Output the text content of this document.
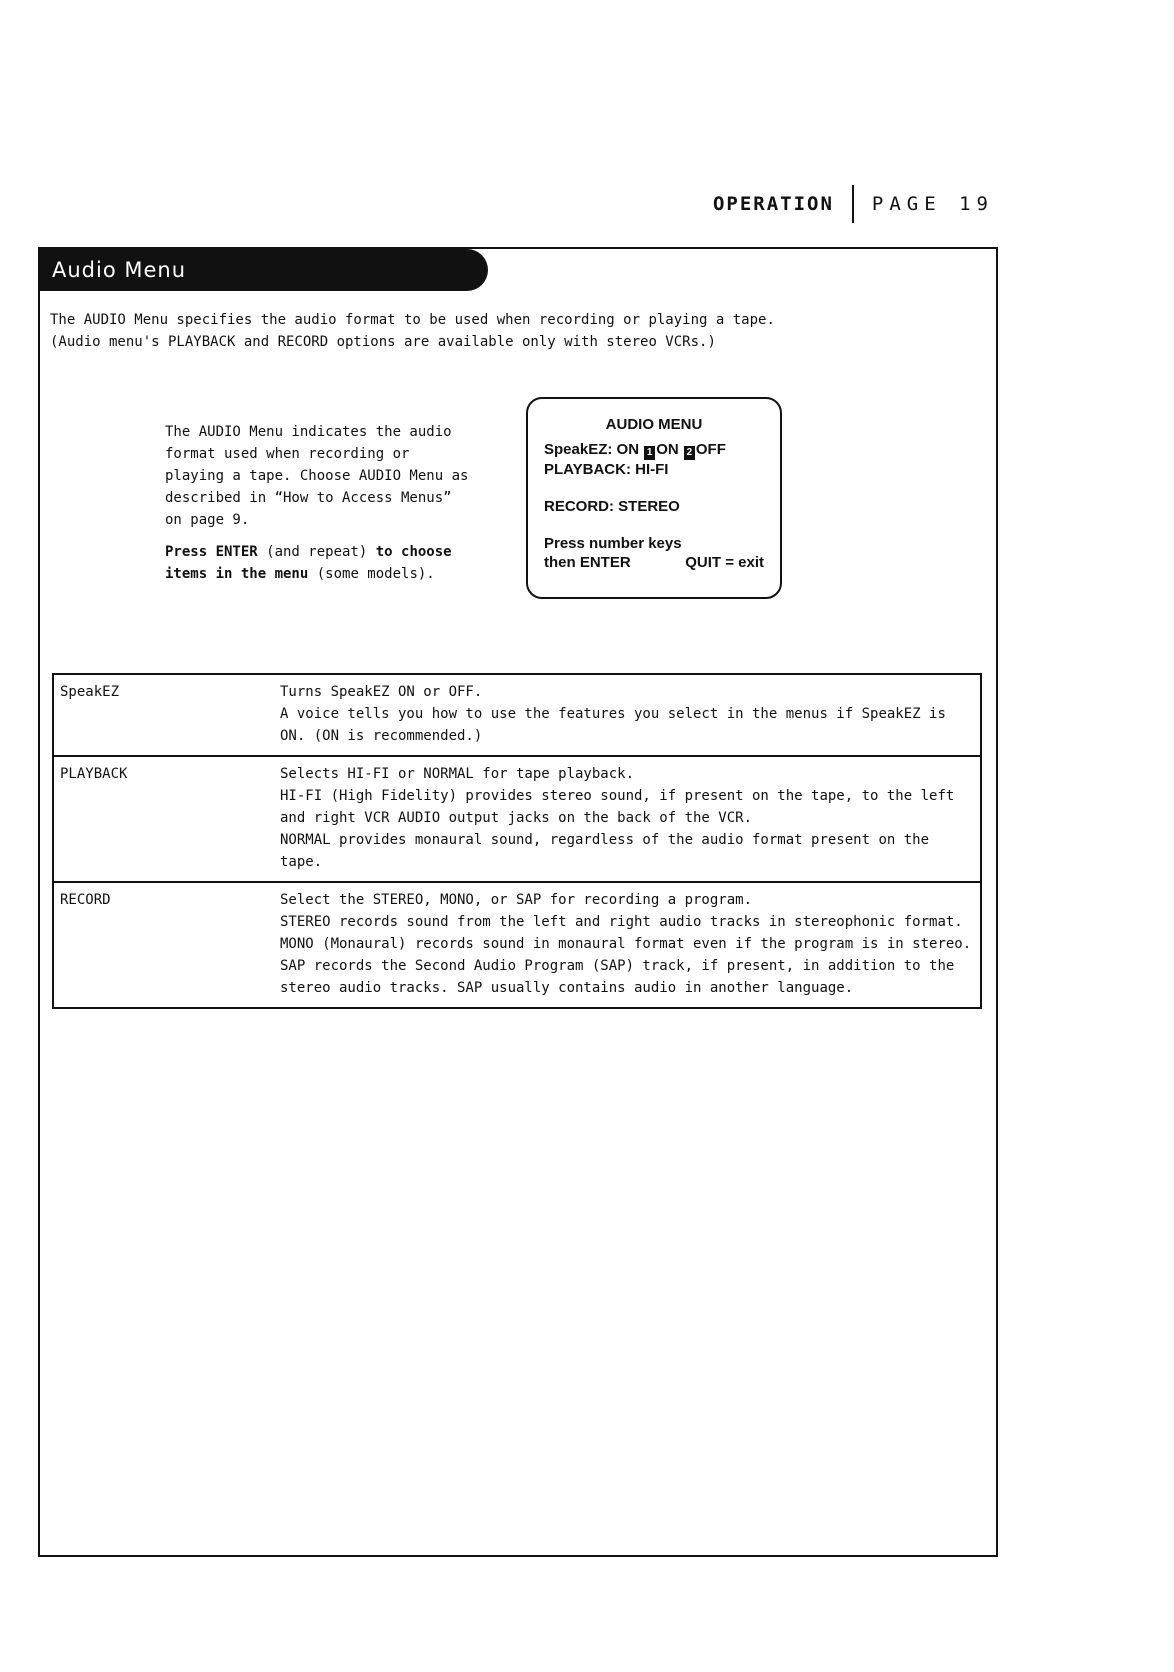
OPERATION PAGE 19
Audio Menu

The AUDIO Menu specifies the audio format to be used when recording or playing a tape.

(Audio menu's PLAYBACK and RECORD options are available only with stereo VCRs.)

The AUDIO Menu indicates the audio format used when recording or playing a tape. Choose AUDIO Menu as described in “How to Access Menus” on page 9.

Press ENTER (and repeat) to choose items in the menu (some models).

AUDIO MENU
SpeakEZ: ON 1 ON 2 OFF
PLAYBACK: HI-FI
RECORD: STEREO
Press number keys
then ENTER	QUIT = exit
SpeakEZ	Turns SpeakEZ ON or OFF.
A voice tells you how to use the features you select in the menus if SpeakEZ is ON. (ON is recommended.)

PLAYBACK	Selects HI-FI or NORMAL for tape playback.
HI-FI (High Fidelity) provides stereo sound, if present on the tape, to the left and right VCR AUDIO output jacks on the back of the VCR.
NORMAL provides monaural sound, regardless of the audio format present on the tape.

RECORD	Select the STEREO, MONO, or SAP for recording a program.
STEREO records sound from the left and right audio tracks in stereophonic format.
MONO (Monaural) records sound in monaural format even if the program is in stereo.
SAP records the Second Audio Program (SAP) track, if present, in addition to the stereo audio tracks. SAP usually contains audio in another language.
